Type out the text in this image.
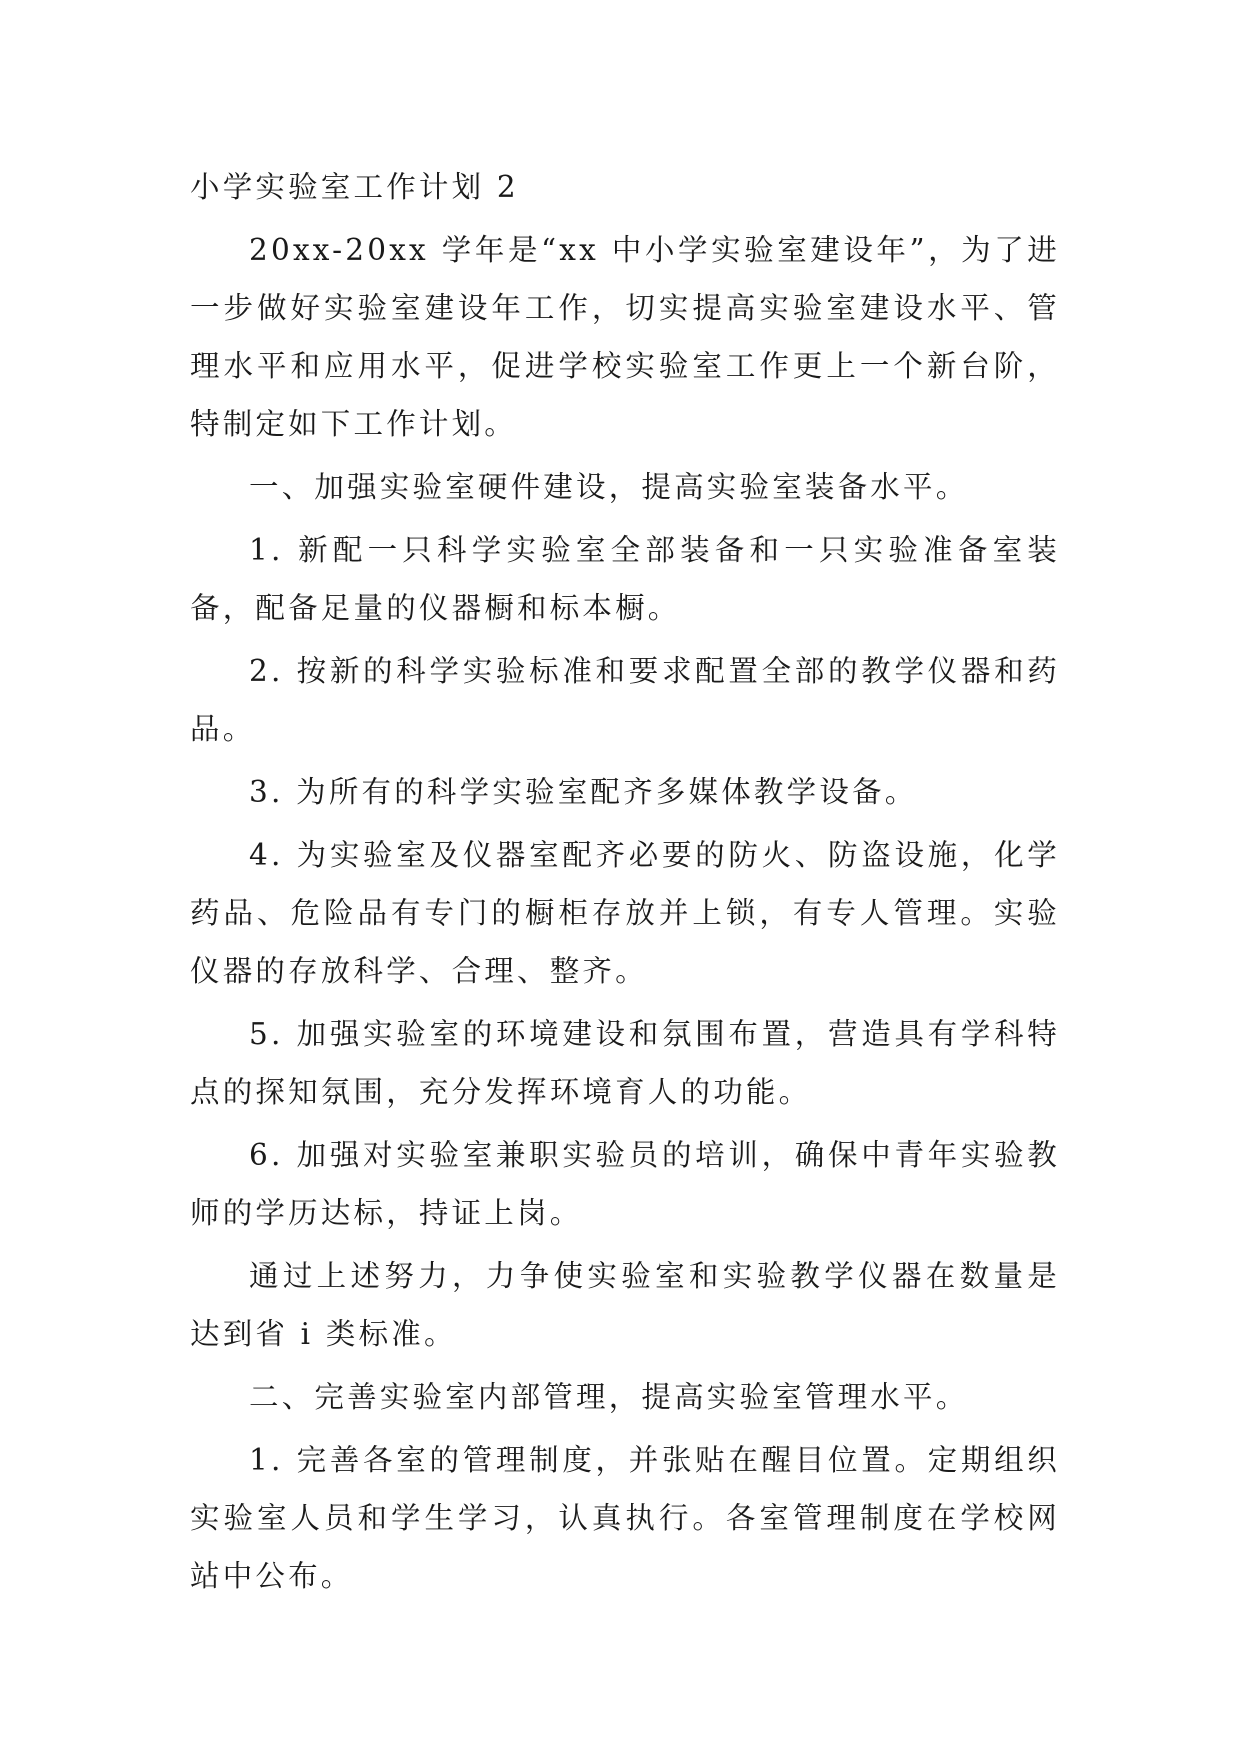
小学实验室工作计划 2

20xx-20xx 学年是“xx 中小学实验室建设年”，为了进一步做好实验室建设年工作，切实提高实验室建设水平、管理水平和应用水平，促进学校实验室工作更上一个新台阶，特制定如下工作计划。

一、加强实验室硬件建设，提高实验室装备水平。

1. 新配一只科学实验室全部装备和一只实验准备室装备，配备足量的仪器橱和标本橱。

2. 按新的科学实验标准和要求配置全部的教学仪器和药品。

3. 为所有的科学实验室配齐多媒体教学设备。

4. 为实验室及仪器室配齐必要的防火、防盗设施，化学药品、危险品有专门的橱柜存放并上锁，有专人管理。实验仪器的存放科学、合理、整齐。

5. 加强实验室的环境建设和氛围布置，营造具有学科特点的探知氛围，充分发挥环境育人的功能。

6. 加强对实验室兼职实验员的培训，确保中青年实验教师的学历达标，持证上岗。

通过上述努力，力争使实验室和实验教学仪器在数量是达到省 i 类标准。

二、完善实验室内部管理，提高实验室管理水平。

1. 完善各室的管理制度，并张贴在醒目位置。定期组织实验室人员和学生学习，认真执行。各室管理制度在学校网站中公布。
